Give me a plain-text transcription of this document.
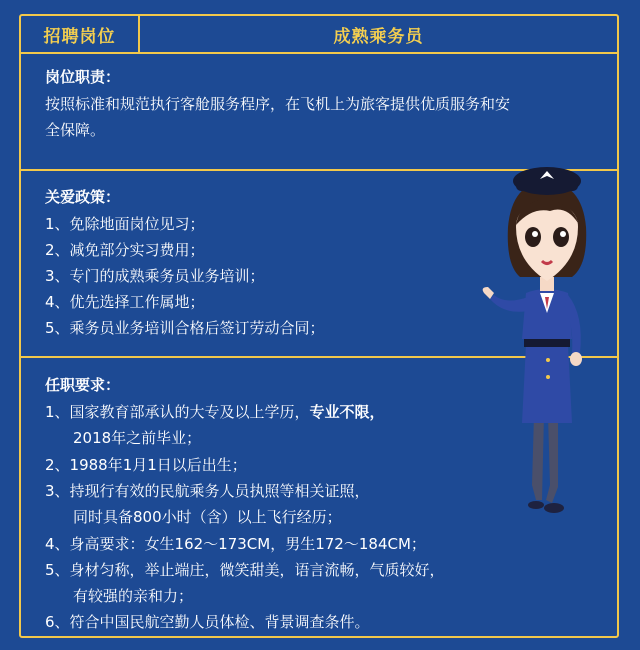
招聘岗位	成熟乘务员
岗位职责：
按照标准和规范执行客舱服务程序，在飞机上为旅客提供优质服务和安
全保障。
关爱政策：
1、免除地面岗位见习；
2、减免部分实习费用；
3、专门的成熟乘务员业务培训；
4、优先选择工作属地；
5、乘务员业务培训合格后签订劳动合同；
任职要求：
1、国家教育部承认的大专及以上学历，专业不限，
2018年之前毕业；
2、1988年1月1日以后出生；
3、持现行有效的民航乘务人员执照等相关证照，
同时具备800小时（含）以上飞行经历；
4、身高要求：女生162～173CM，男生172～184CM；
5、身材匀称，举止端庄，微笑甜美，语言流畅，气质较好，
有较强的亲和力；
6、符合中国民航空勤人员体检、背景调查条件。
